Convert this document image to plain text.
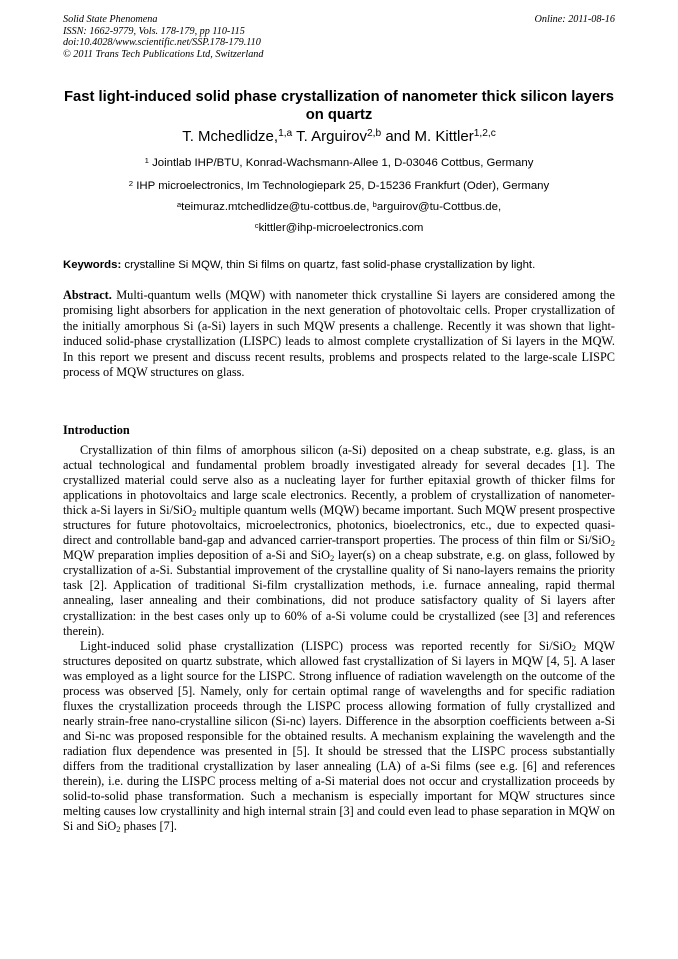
Solid State Phenomena
ISSN: 1662-9779, Vols. 178-179, pp 110-115
doi:10.4028/www.scientific.net/SSP.178-179.110
© 2011 Trans Tech Publications Ltd, Switzerland
Online: 2011-08-16
Fast light-induced solid phase crystallization of nanometer thick silicon layers on quartz
T. Mchedlidze,$^{1,a}$ T. Arguirov$^{2,b}$ and M. Kittler$^{1,2,c}$
$^1$ Jointlab IHP/BTU, Konrad-Wachsmann-Allee 1, D-03046 Cottbus, Germany
$^2$ IHP microelectronics, Im Technologiepark 25, D-15236 Frankfurt (Oder), Germany
$^a$teimuraz.mtchedlidze@tu-cottbus.de, $^b$arguirov@tu-Cottbus.de,
$^c$kittler@ihp-microelectronics.com
Keywords: crystalline Si MQW, thin Si films on quartz, fast solid-phase crystallization by light.
Abstract. Multi-quantum wells (MQW) with nanometer thick crystalline Si layers are considered among the promising light absorbers for application in the next generation of photovoltaic cells. Proper crystallization of the initially amorphous Si (a-Si) layers in such MQW presents a challenge. Recently it was shown that light-induced solid-phase crystallization (LISPC) leads to almost complete crystallization of Si layers in the MQW. In this report we present and discuss recent results, problems and prospects related to the large-scale LISPC process of MQW structures on glass.
Introduction

Crystallization of thin films of amorphous silicon (a-Si) deposited on a cheap substrate, e.g. glass, is an actual technological and fundamental problem broadly investigated already for several decades [1]. The crystallized material could serve also as a nucleating layer for further epitaxial growth of thicker films for applications in photovoltaics and large scale electronics. Recently, a problem of crystallization of nanometer-thick a-Si layers in Si/SiO$_2$ multiple quantum wells (MQW) became important. Such MQW present prospective structures for future photovoltaics, microelectronics, photonics, bioelectronics, etc., due to expected quasi-direct and controllable band-gap and advanced carrier-transport properties. The process of thin film or Si/SiO$_2$ MQW preparation implies deposition of a-Si and SiO$_2$ layer(s) on a cheap substrate, e.g. on glass, followed by crystallization of a-Si. Substantial improvement of the crystalline quality of Si nano-layers remains the priority task [2]. Application of traditional Si-film crystallization methods, i.e. furnace annealing, rapid thermal annealing, laser annealing and their combinations, did not produce satisfactory quality of Si layers after crystallization: in the best cases only up to 60% of a-Si volume could be crystallized (see [3] and references therein).

Light-induced solid phase crystallization (LISPC) process was reported recently for Si/SiO$_2$ MQW structures deposited on quartz substrate, which allowed fast crystallization of Si layers in MQW [4, 5]. A laser was employed as a light source for the LISPC. Strong influence of radiation wavelength on the outcome of the process was observed [5]. Namely, only for certain optimal range of wavelengths and for specific radiation fluxes the crystallization proceeds through the LISPC process allowing formation of fully crystallized and nearly strain-free nano-crystalline silicon (Si-nc) layers. Difference in the absorption coefficients between a-Si and Si-nc was proposed responsible for the obtained results. A mechanism explaining the wavelength and the radiation flux dependence was presented in [5]. It should be stressed that the LISPC process substantially differs from the traditional crystallization by laser annealing (LA) of a-Si films (see e.g. [6] and references therein), i.e. during the LISPC process melting of a-Si material does not occur and crystallization proceeds by solid-to-solid phase transformation. Such a mechanism is especially important for MQW structures since melting causes low crystallinity and high internal strain [3] and could even lead to phase separation in MQW on Si and SiO$_2$ phases [7].
